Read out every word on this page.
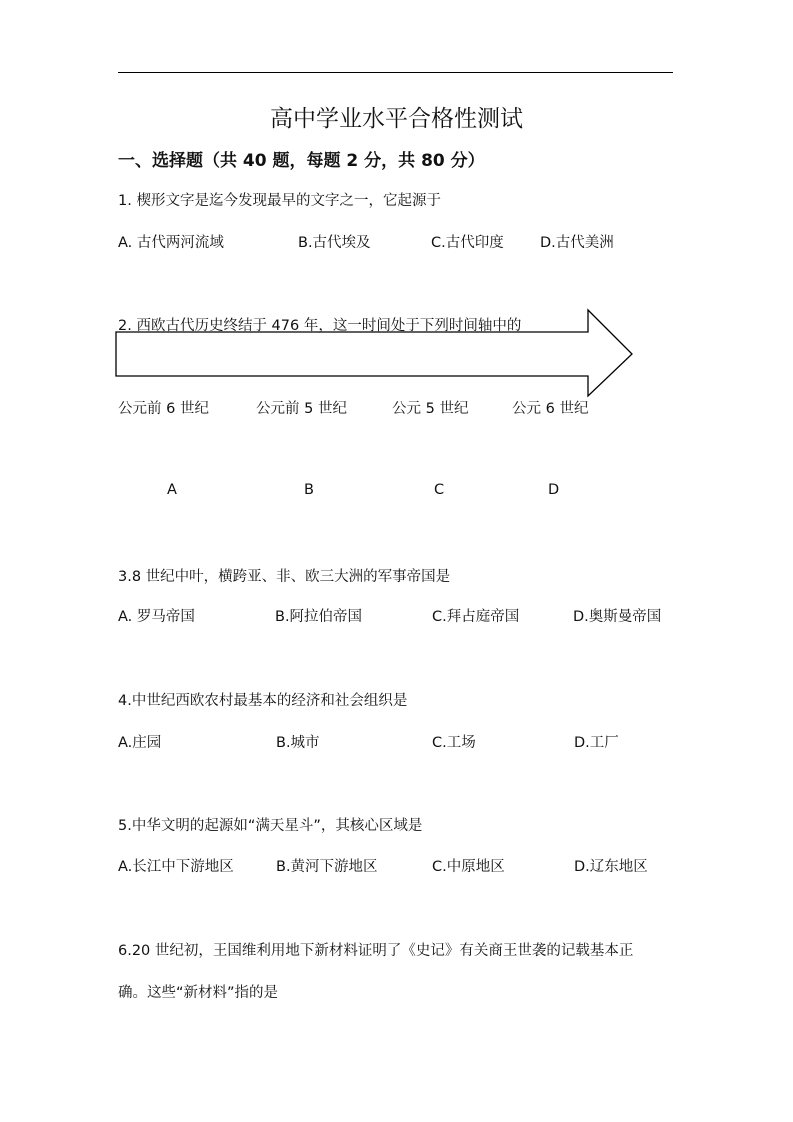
高中学业水平合格性测试
一、选择题（共 40 题，每题 2 分，共 80 分）
1. 楔形文字是迄今发现最早的文字之一，它起源于
A. 古代两河流域	B.古代埃及	C.古代印度	D.古代美洲
2. 西欧古代历史终结于 476 年，这一时间处于下列时间轴中的
公元前 6 世纪	公元前 5 世纪	公元 5 世纪	公元 6 世纪
A	B	C	D
3.8 世纪中叶，横跨亚、非、欧三大洲的军事帝国是
A. 罗马帝国	B.阿拉伯帝国	C.拜占庭帝国	D.奥斯曼帝国
4.中世纪西欧农村最基本的经济和社会组织是
A.庄园	B.城市	C.工场	D.工厂
5.中华文明的起源如“满天星斗”，其核心区域是
A.长江中下游地区	B.黄河下游地区	C.中原地区	D.辽东地区
6.20 世纪初，王国维利用地下新材料证明了《史记》有关商王世袭的记载基本正
确。这些“新材料”指的是
